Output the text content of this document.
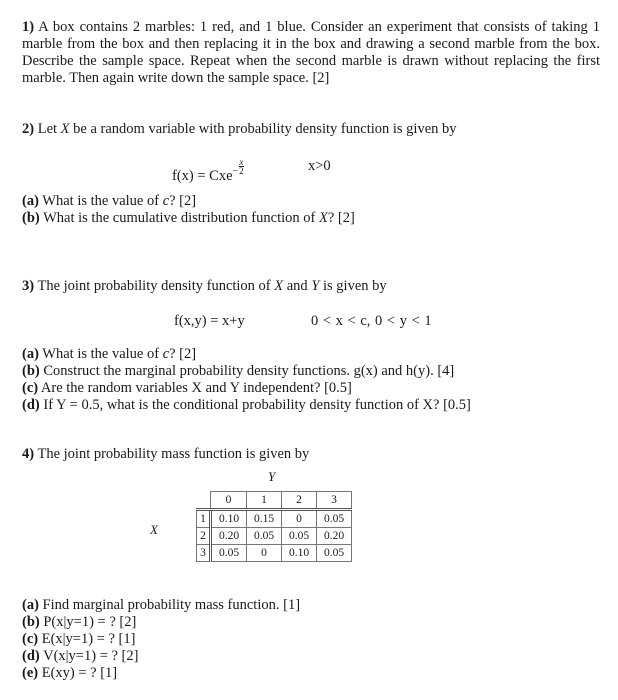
1) A box contains 2 marbles: 1 red, and 1 blue. Consider an experiment that consists of taking 1 marble from the box and then replacing it in the box and drawing a second marble from the box. Describe the sample space. Repeat when the second marble is drawn without replacing the first marble. Then again write down the sample space. [2]
2) Let X be a random variable with probability density function is given by
$f(x) = Cxe^- \frac{x}{2}$	x>0
(a) What is the value of c? [2]
(b) What is the cumulative distribution function of X? [2]
3) The joint probability density function of X and Y is given by
f(x,y) = x+y	0 < x < c, 0 < y < 1
(a) What is the value of c? [2]
(b) Construct the marginal probability density functions. g(x) and h(y). [4]
(c) Are the random variables X and Y independent? [0.5]
(d) If Y = 0.5, what is the conditional probability density function of X? [0.5]
4) The joint probability mass function is given by
Y
X
	0	1	2	3
1	0.10	0.15	0	0.05
2	0.20	0.05	0.05	0.20
3	0.05	0	0.10	0.05
(a) Find marginal probability mass function. [1]
(b) P(x|y=1) = ? [2]
(c) E(x|y=1) = ? [1]
(d) V(x|y=1) = ? [2]
(e) E(xy) = ? [1]
